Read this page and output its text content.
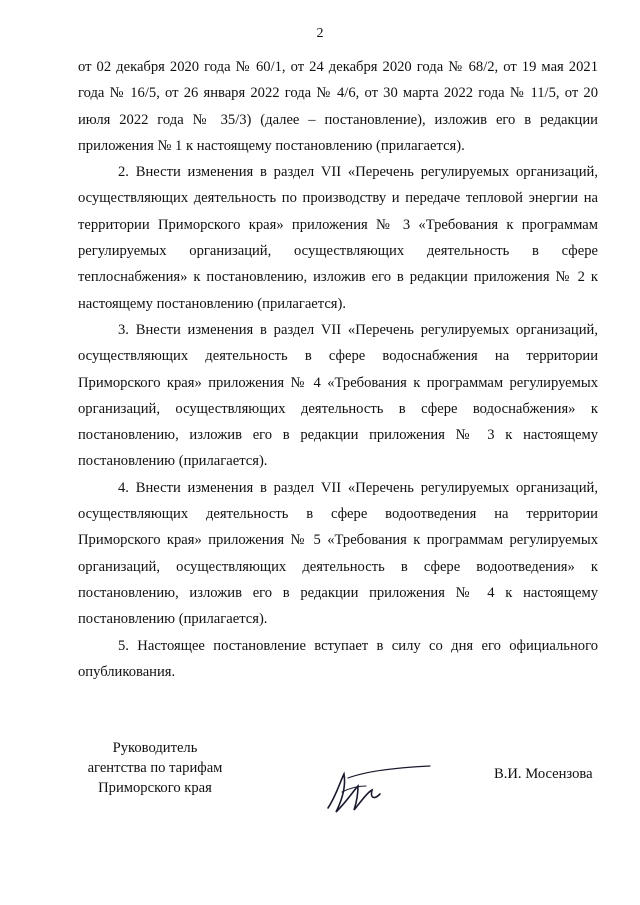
2

от 02 декабря 2020 года № 60/1, от 24 декабря 2020 года № 68/2, от 19 мая 2021 года № 16/5, от 26 января 2022 года № 4/6, от 30 марта 2022 года № 11/5, от 20 июля 2022 года № 35/3) (далее – постановление), изложив его в редакции приложения № 1 к настоящему постановлению (прилагается).

2. Внести изменения в раздел VII «Перечень регулируемых организаций, осуществляющих деятельность по производству и передаче тепловой энергии на территории Приморского края» приложения № 3 «Требования к программам регулируемых организаций, осуществляющих деятельность в сфере теплоснабжения» к постановлению, изложив его в редакции приложения № 2 к настоящему постановлению (прилагается).

3. Внести изменения в раздел VII «Перечень регулируемых организаций, осуществляющих деятельность в сфере водоснабжения на территории Приморского края» приложения № 4 «Требования к программам регулируемых организаций, осуществляющих деятельность в сфере водоснабжения» к постановлению, изложив его в редакции приложения № 3 к настоящему постановлению (прилагается).

4. Внести изменения в раздел VII «Перечень регулируемых организаций, осуществляющих деятельность в сфере водоотведения на территории Приморского края» приложения № 5 «Требования к программам регулируемых организаций, осуществляющих деятельность в сфере водоотведения» к постановлению, изложив его в редакции приложения № 4 к настоящему постановлению (прилагается).

5. Настоящее постановление вступает в силу со дня его официального опубликования.

Руководитель
агентства по тарифам
Приморского края
В.И. Мосензова
